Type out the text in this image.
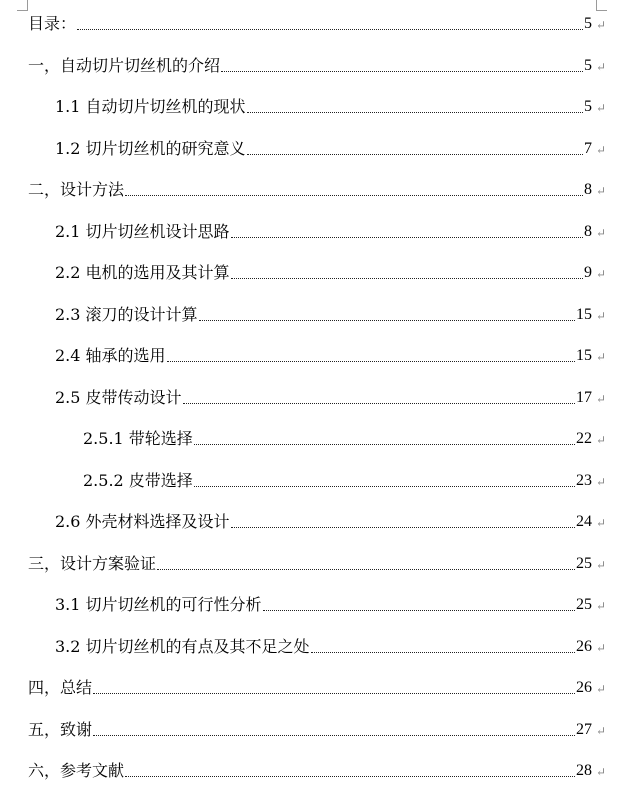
目录：	5
一，自动切片切丝机的介绍	5
1.1 自动切片切丝机的现状	5
1.2 切片切丝机的研究意义	7
二，设计方法	8
2.1 切片切丝机设计思路	8
2.2 电机的选用及其计算	9
2.3 滚刀的设计计算	15
2.4 轴承的选用	15
2.5 皮带传动设计	17
2.5.1 带轮选择	22
2.5.2 皮带选择	23
2.6 外壳材料选择及设计	24
三，设计方案验证	25
3.1 切片切丝机的可行性分析	25
3.2 切片切丝机的有点及其不足之处	26
四，总结	26
五，致谢	27
六，参考文献	28
↵
↵
↵
↵
↵
↵
↵
↵
↵
↵
↵
↵
↵
↵
↵
↵
↵
↵
↵
